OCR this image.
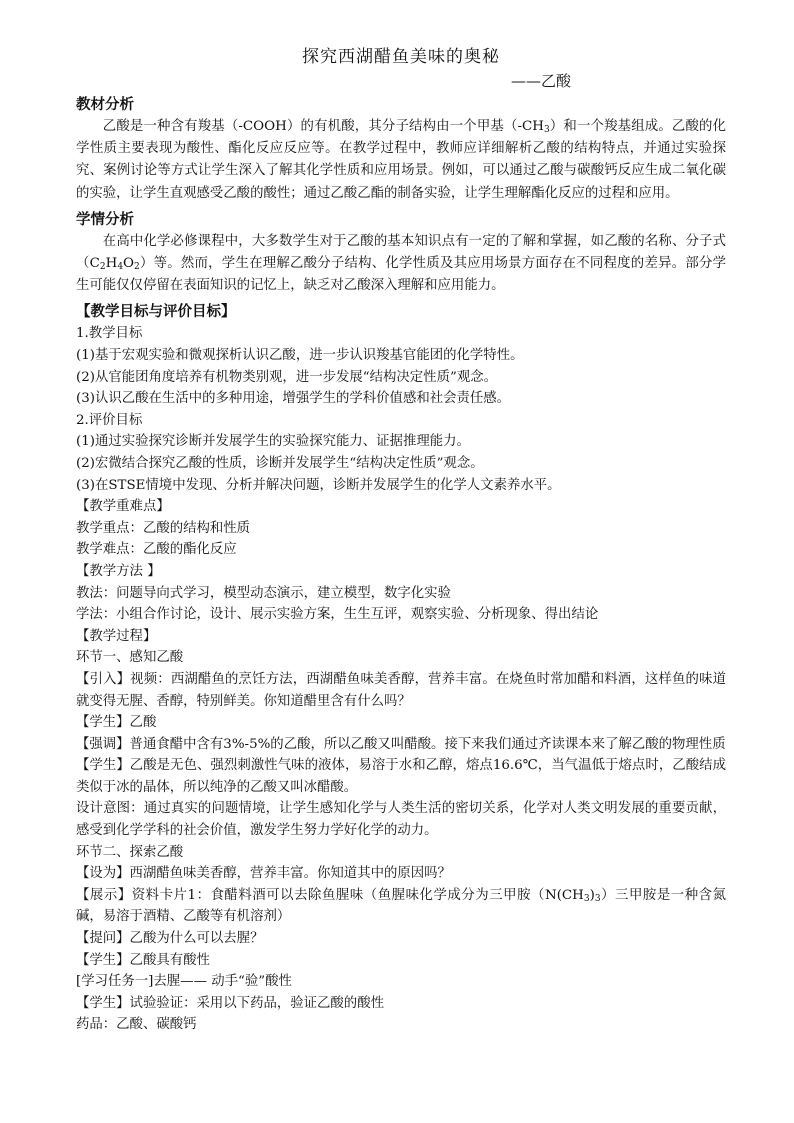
探究西湖醋鱼美味的奥秘
——乙酸
教材分析
乙酸是一种含有羧基（-COOH）的有机酸，其分子结构由一个甲基$(-CH_3)$和一个羧基组成。乙酸的化学性质主要表现为酸性、酯化反应反应等。在教学过程中，教师应详细解析乙酸的结构特点，并通过实验探究、案例讨论等方式让学生深入了解其化学性质和应用场景。例如，可以通过乙酸与碳酸钙反应生成二氧化碳的实验，让学生直观感受乙酸的酸性；通过乙酸乙酯的制备实验，让学生理解酯化反应的过程和应用。
学情分析
在高中化学必修课程中，大多数学生对于乙酸的基本知识点有一定的了解和掌握，如乙酸的名称、分子式$(C_2H_4O_2)$等。然而，学生在理解乙酸分子结构、化学性质及其应用场景方面存在不同程度的差异。部分学生可能仅仅停留在表面知识的记忆上，缺乏对乙酸深入理解和应用能力。
【教学目标与评价目标】
1.教学目标
(1)基于宏观实验和微观探析认识乙酸，进一步认识羧基官能团的化学特性。
(2)从官能团角度培养有机物类别观，进一步发展“结构决定性质”观念。
(3)认识乙酸在生活中的多种用途，增强学生的学科价值感和社会责任感。
2.评价目标
(1)通过实验探究诊断并发展学生的实验探究能力、证据推理能力。
(2)宏微结合探究乙酸的性质，诊断并发展学生“结构决定性质”观念。
(3)在STSE情境中发现、分析并解决问题，诊断并发展学生的化学人文素养水平。
【教学重难点】
教学重点：乙酸的结构和性质
教学难点：乙酸的酯化反应
【教学方法 】
教法：问题导向式学习，模型动态演示，建立模型，数字化实验
学法：小组合作讨论，设计、展示实验方案，生生互评，观察实验、分析现象、得出结论
【教学过程】
环节一、感知乙酸
【引入】视频：西湖醋鱼的烹饪方法，西湖醋鱼味美香醇，营养丰富。在烧鱼时常加醋和料酒，这样鱼的味道就变得无腥、香醇，特别鲜美。你知道醋里含有什么吗？
【学生】乙酸
【强调】普通食醋中含有3%-5%的乙酸，所以乙酸又叫醋酸。接下来我们通过齐读课本来了解乙酸的物理性质
【学生】乙酸是无色、强烈刺激性气味的液体，易溶于水和乙醇，熔点16.6℃，当气温低于熔点时，乙酸结成类似于冰的晶体，所以纯净的乙酸又叫冰醋酸。
设计意图：通过真实的问题情境，让学生感知化学与人类生活的密切关系，化学对人类文明发展的重要贡献，感受到化学学科的社会价值，激发学生努力学好化学的动力。
环节二、探索乙酸
【设为】西湖醋鱼味美香醇，营养丰富。你知道其中的原因吗？
【展示】资料卡片1：食醋料酒可以去除鱼腥味（鱼腥味化学成分为三甲胺$(N(CH_3)_3)$三甲胺是一种含氮碱，易溶于酒精、乙酸等有机溶剂）
【提问】乙酸为什么可以去腥？
【学生】乙酸具有酸性
[学习任务一]去腥—— 动手“验”酸性
【学生】试验验证：采用以下药品，验证乙酸的酸性
药品：乙酸、碳酸钙
